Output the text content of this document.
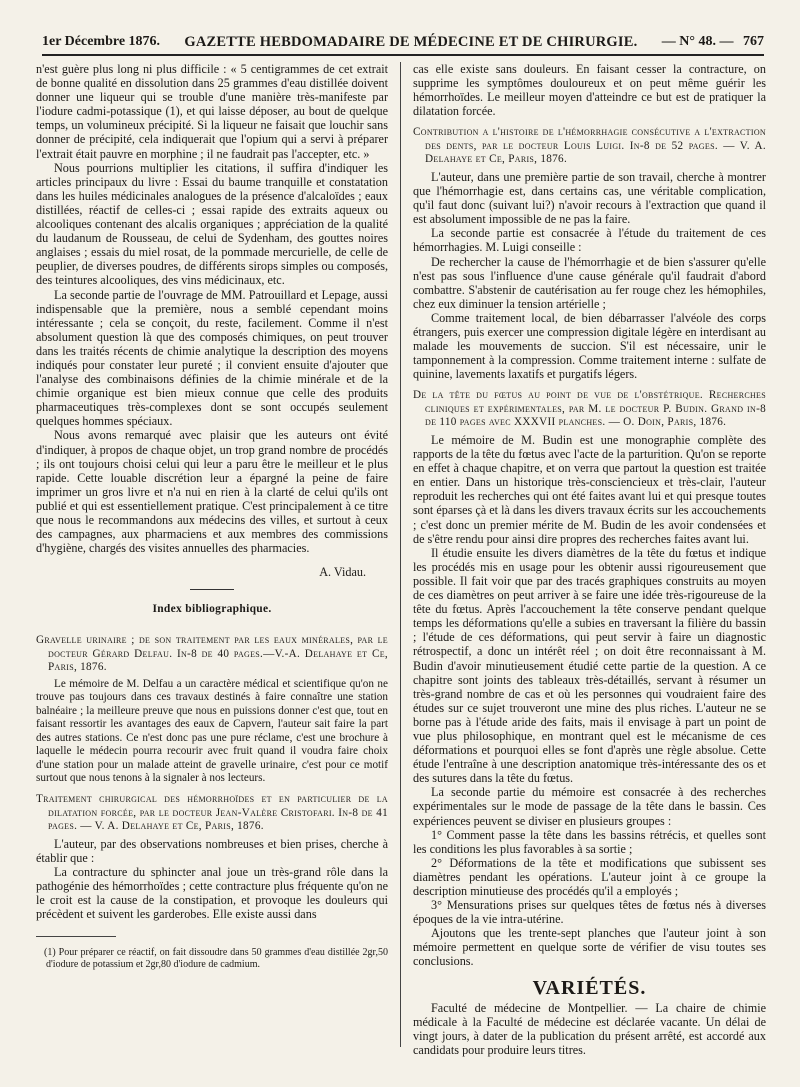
1er Décembre 1876. GAZETTE HEBDOMADAIRE DE MÉDECINE ET DE CHIRURGIE. — N° 48. — 767

n'est guère plus long ni plus difficile : « 5 centigrammes de cet extrait de bonne qualité en dissolution dans 25 grammes d'eau distillée doivent donner une liqueur qui se trouble d'une manière très-manifeste par l'iodure cadmi-potassique (1), et qui laisse déposer, au bout de quelque temps, un volumineux précipité. Si la liqueur ne faisait que louchir sans donner de précipité, cela indiquerait que l'opium qui a servi à préparer l'extrait était pauvre en morphine ; il ne faudrait pas l'accepter, etc. »

Nous pourrions multiplier les citations, il suffira d'indiquer les articles principaux du livre : Essai du baume tranquille et constatation dans les huiles médicinales analogues de la présence d'alcaloïdes ; eaux distillées, réactif de celles-ci ; essai rapide des extraits aqueux ou alcooliques contenant des alcalis organiques ; appréciation de la qualité du laudanum de Rousseau, de celui de Sydenham, des gouttes noires anglaises ; essais du miel rosat, de la pommade mercurielle, de celle de peuplier, de diverses poudres, de différents sirops simples ou composés, des teintures alcooliques, des vins médicinaux, etc.

La seconde partie de l'ouvrage de MM. Patrouillard et Lepage, aussi indispensable que la première, nous a semblé cependant moins intéressante ; cela se conçoit, du reste, facilement. Comme il n'est absolument question là que des composés chimiques, on peut trouver dans les traités récents de chimie analytique la description des moyens indiqués pour constater leur pureté ; il convient ensuite d'ajouter que l'analyse des combinaisons définies de la chimie minérale et de la chimie organique est bien mieux connue que celle des produits pharmaceutiques très-complexes dont se sont occupés seulement quelques hommes spéciaux.

Nous avons remarqué avec plaisir que les auteurs ont évité d'indiquer, à propos de chaque objet, un trop grand nombre de procédés ; ils ont toujours choisi celui qui leur a paru être le meilleur et le plus rapide. Cette louable discrétion leur a épargné la peine de faire imprimer un gros livre et n'a nui en rien à la clarté de celui qu'ils ont publié et qui est essentiellement pratique. C'est principalement à ce titre que nous le recommandons aux médecins des villes, et surtout à ceux des campagnes, aux pharmaciens et aux membres des commissions d'hygiène, chargés des visites annuelles des pharmacies.

A. Vidau.

Index bibliographique.

Gravelle urinaire ; de son traitement par les eaux minérales, par le docteur Gérard Delfau. In-8 de 40 pages.—V.-A. Delahaye et Ce, Paris, 1876.

Le mémoire de M. Delfau a un caractère médical et scientifique qu'on ne trouve pas toujours dans ces travaux destinés à faire connaître une station balnéaire ; la meilleure preuve que nous en puissions donner c'est que, tout en faisant ressortir les avantages des eaux de Capvern, l'auteur sait faire la part des autres stations. Ce n'est donc pas une pure réclame, c'est une brochure à laquelle le médecin pourra recourir avec fruit quand il voudra faire choix d'une station pour un malade atteint de gravelle urinaire, c'est pour ce motif surtout que nous tenons à la signaler à nos lecteurs.

Traitement chirurgical des hémorrhoïdes et en particulier de la dilatation forcée, par le docteur Jean-Valère Cristofari. In-8 de 41 pages. — V. A. Delahaye et Ce, Paris, 1876.

L'auteur, par des observations nombreuses et bien prises, cherche à établir que :

La contracture du sphincter anal joue un très-grand rôle dans la pathogénie des hémorrhoïdes ; cette contracture plus fréquente qu'on ne le croit est la cause de la constipation, et provoque les douleurs qui précèdent et suivent les garderobes. Elle existe aussi dans

(1) Pour préparer ce réactif, on fait dissoudre dans 50 grammes d'eau distillée 2gr,50 d'iodure de potassium et 2gr,80 d'iodure de cadmium.

cas elle existe sans douleurs. En faisant cesser la contracture, on supprime les symptômes douloureux et on peut même guérir les hémorrhoïdes. Le meilleur moyen d'atteindre ce but est de pratiquer la dilatation forcée.

Contribution a l'histoire de l'hémorrhagie consécutive a l'extraction des dents, par le docteur Louis Luigi. In-8 de 52 pages. — V. A. Delahaye et Ce, Paris, 1876.

L'auteur, dans une première partie de son travail, cherche à montrer que l'hémorrhagie est, dans certains cas, une véritable complication, qu'il faut donc (suivant lui?) n'avoir recours à l'extraction que quand il est absolument impossible de ne pas la faire.

La seconde partie est consacrée à l'étude du traitement de ces hémorrhagies. M. Luigi conseille :

De rechercher la cause de l'hémorrhagie et de bien s'assurer qu'elle n'est pas sous l'influence d'une cause générale qu'il faudrait d'abord combattre. S'abstenir de cautérisation au fer rouge chez les hémophiles, chez eux diminuer la tension artérielle ;

Comme traitement local, de bien débarrasser l'alvéole des corps étrangers, puis exercer une compression digitale légère en interdisant au malade les mouvements de succion. S'il est nécessaire, unir le tamponnement à la compression. Comme traitement interne : sulfate de quinine, lavements laxatifs et purgatifs légers.

De la tête du fœtus au point de vue de l'obstétrique. Recherches cliniques et expérimentales, par M. le docteur P. Budin. Grand in-8 de 110 pages avec XXXVII planches. — O. Doin, Paris, 1876.

Le mémoire de M. Budin est une monographie complète des rapports de la tête du fœtus avec l'acte de la parturition. Qu'on se reporte en effet à chaque chapitre, et on verra que partout la question est traitée en entier. Dans un historique très-consciencieux et très-clair, l'auteur reproduit les recherches qui ont été faites avant lui et qui presque toutes sont éparses çà et là dans les divers travaux écrits sur les accouchements ; c'est donc un premier mérite de M. Budin de les avoir condensées et de s'être rendu pour ainsi dire propres des recherches faites avant lui.

Il étudie ensuite les divers diamètres de la tête du fœtus et indique les procédés mis en usage pour les obtenir aussi rigoureusement que possible. Il fait voir que par des tracés graphiques construits au moyen de ces diamètres on peut arriver à se faire une idée très-rigoureuse de la tête du fœtus. Après l'accouchement la tête conserve pendant quelque temps les déformations qu'elle a subies en traversant la filière du bassin ; l'étude de ces déformations, qui peut servir à faire un diagnostic rétrospectif, a donc un intérêt réel ; on doit être reconnaissant à M. Budin d'avoir minutieusement étudié cette partie de la question. A ce chapitre sont joints des tableaux très-détaillés, servant à résumer un très-grand nombre de cas et où les personnes qui voudraient faire des études sur ce sujet trouveront une mine des plus riches. L'auteur ne se borne pas à l'étude aride des faits, mais il envisage à part un point de vue plus philosophique, en montrant quel est le mécanisme de ces déformations et pourquoi elles se font d'après une règle absolue. Cette étude l'entraîne à une description anatomique très-intéressante des os et des sutures dans la tête du fœtus.

La seconde partie du mémoire est consacrée à des recherches expérimentales sur le mode de passage de la tête dans le bassin. Ces expériences peuvent se diviser en plusieurs groupes :

1° Comment passe la tête dans les bassins rétrécis, et quelles sont les conditions les plus favorables à sa sortie ;

2° Déformations de la tête et modifications que subissent ses diamètres pendant les opérations. L'auteur joint à ce groupe la description minutieuse des procédés qu'il a employés ;

3° Mensurations prises sur quelques têtes de fœtus nés à diverses époques de la vie intra-utérine.

Ajoutons que les trente-sept planches que l'auteur joint à son mémoire permettent en quelque sorte de vérifier de visu toutes ses conclusions.

VARIÉTÉS.

Faculté de médecine de Montpellier. — La chaire de chimie médicale à la Faculté de médecine est déclarée vacante. Un délai de vingt jours, à dater de la publication du présent arrêté, est accordé aux candidats pour produire leurs titres.
